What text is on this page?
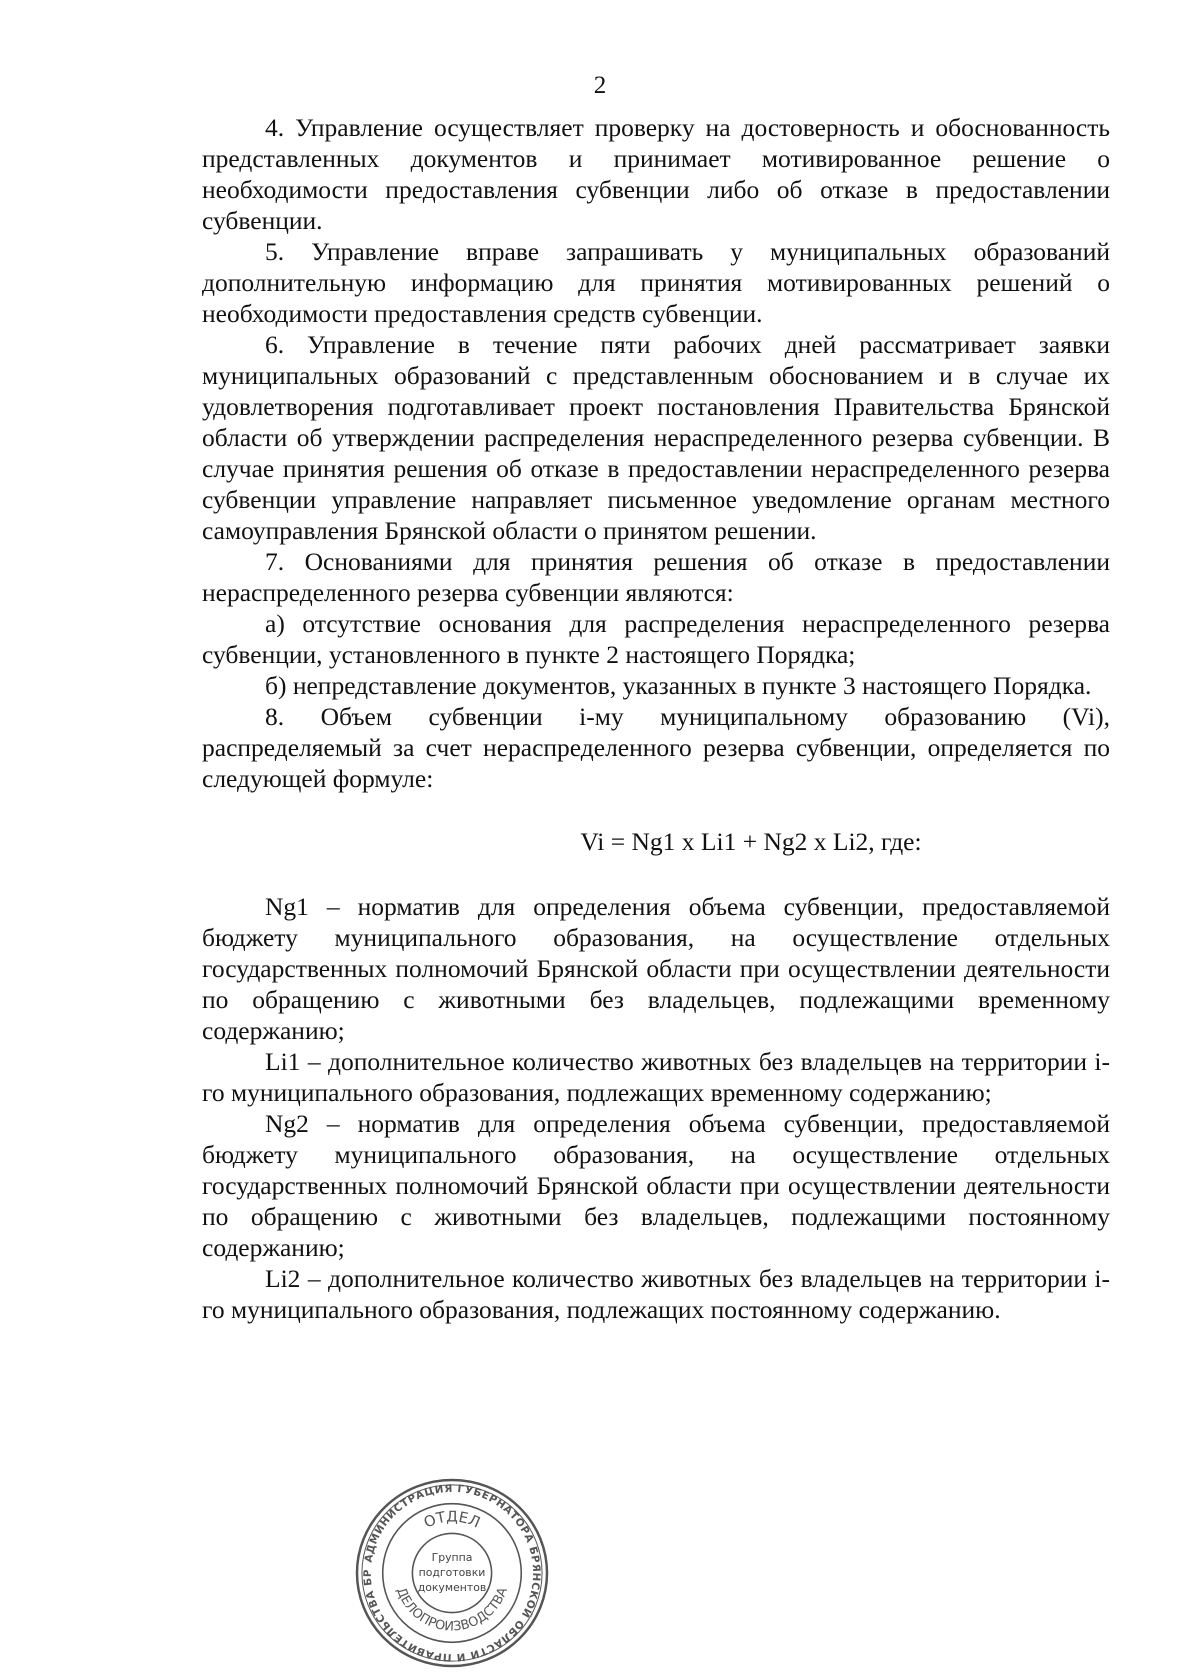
2

4. Управление осуществляет проверку на достоверность и обоснованность представленных документов и принимает мотивированное решение о необходимости предоставления субвенции либо об отказе в предоставлении субвенции.

5. Управление вправе запрашивать у муниципальных образований дополнительную информацию для принятия мотивированных решений о необходимости предоставления средств субвенции.

6. Управление в течение пяти рабочих дней рассматривает заявки муниципальных образований с представленным обоснованием и в случае их удовлетворения подготавливает проект постановления Правительства Брянской области об утверждении распределения нераспределенного резерва субвенции. В случае принятия решения об отказе в предоставлении нераспределенного резерва субвенции управление направляет письменное уведомление органам местного самоуправления Брянской области о принятом решении.

7. Основаниями для принятия решения об отказе в предоставлении нераспределенного резерва субвенции являются:

а) отсутствие основания для распределения нераспределенного резерва субвенции, установленного в пункте 2 настоящего Порядка;

б) непредставление документов, указанных в пункте 3 настоящего Порядка.

8. Объем субвенции i-му муниципальному образованию (Vi), распределяемый за счет нераспределенного резерва субвенции, определяется по следующей формуле:

Vi = Ng1 x Li1 + Ng2 x Li2, где:

Ng1 – норматив для определения объема субвенции, предоставляемой бюджету муниципального образования, на осуществление отдельных государственных полномочий Брянской области при осуществлении деятельности по обращению с животными без владельцев, подлежащими временному содержанию;

Li1 – дополнительное количество животных без владельцев на территории i-го муниципального образования, подлежащих временному содержанию;

Ng2 – норматив для определения объема субвенции, предоставляемой бюджету муниципального образования, на осуществление отдельных государственных полномочий Брянской области при осуществлении деятельности по обращению с животными без владельцев, подлежащими постоянному содержанию;

Li2 – дополнительное количество животных без владельцев на территории i-го муниципального образования, подлежащих постоянному содержанию.

АДМИНИСТРАЦИЯ ГУБЕРНАТОРА БРЯНСКОЙ ОБЛАСТИ И ПРАВИТЕЛЬСТВА БР
ОТДЕЛ
ДЕЛОПРОИЗВОДСТВА
Группа
подготовки
документов
